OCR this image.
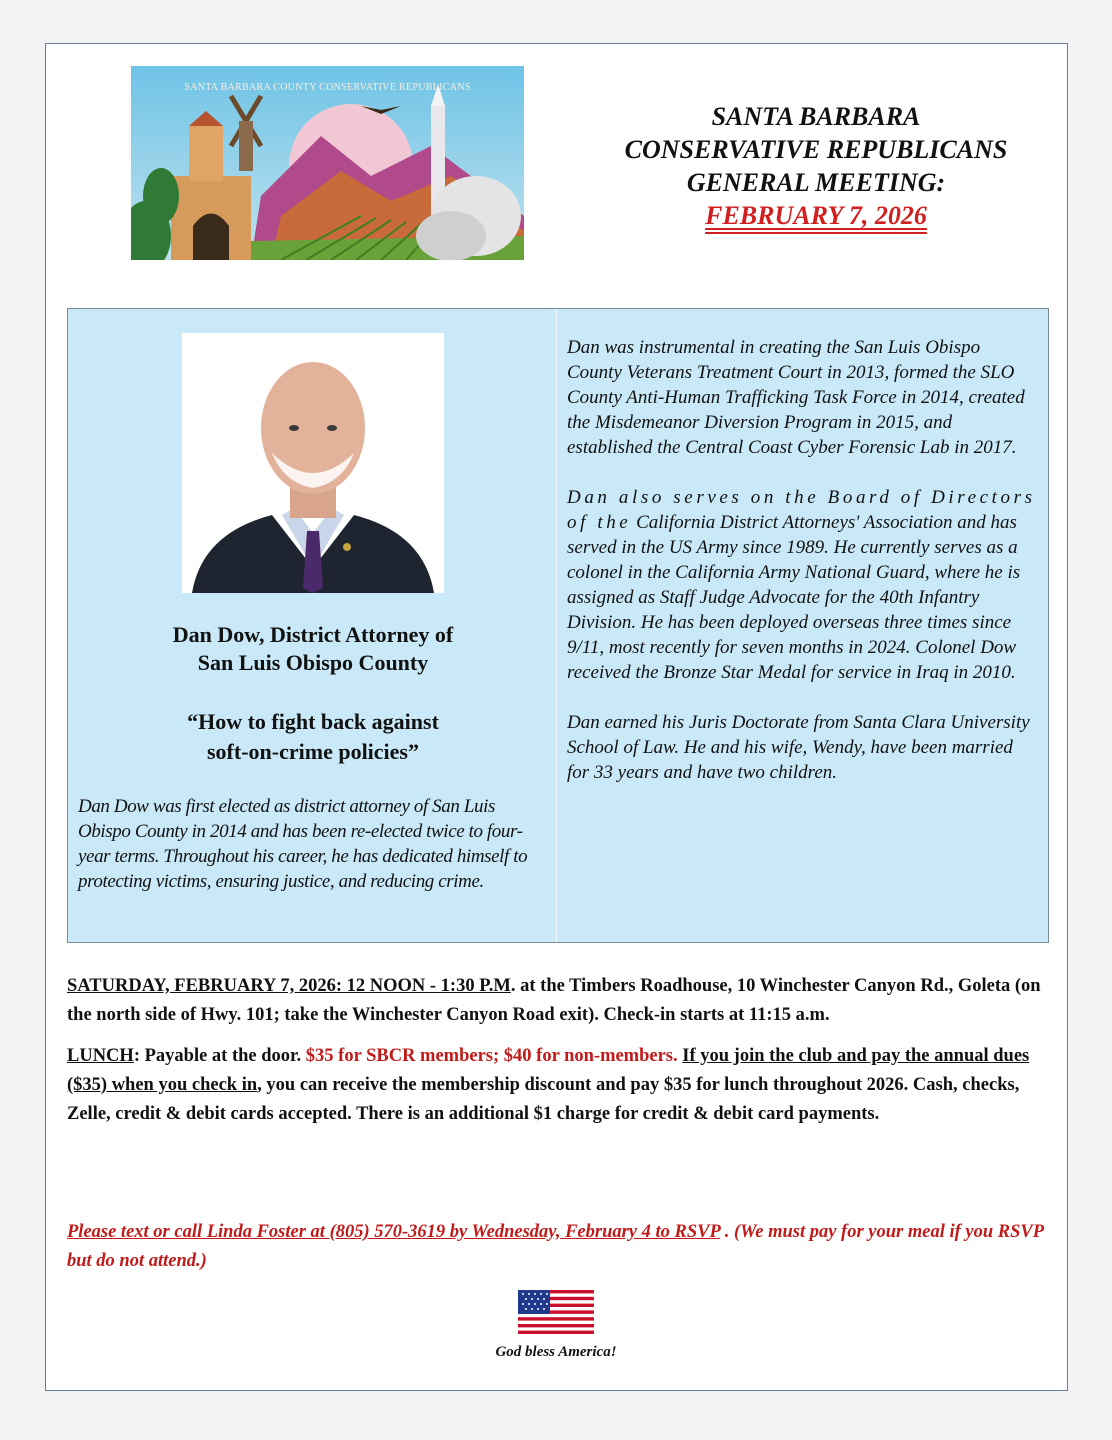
SANTA BARBARA COUNTY CONSERVATIVE REPUBLICANS
SANTA BARBARA
CONSERVATIVE REPUBLICANS
GENERAL MEETING:
FEBRUARY 7, 2026
Dan Dow, District Attorney of
San Luis Obispo County
“How to fight back against
soft-on-crime policies”
Dan Dow was first elected as district attorney of San Luis Obispo County in 2014 and has been re-elected twice to four-year terms. Throughout his career, he has dedicated himself to protecting victims, ensuring justice, and reducing crime.

Dan was instrumental in creating the San Luis Obispo County Veterans Treatment Court in 2013, formed the SLO County Anti-Human Trafficking Task Force in 2014, created the Misdemeanor Diversion Program in 2015, and established the Central Coast Cyber Forensic Lab in 2017.

Dan also serves on the Board of Directors of the California District Attorneys' Association and has served in the US Army since 1989. He currently serves as a colonel in the California Army National Guard, where he is assigned as Staff Judge Advocate for the 40th Infantry Division. He has been deployed overseas three times since 9/11, most recently for seven months in 2024. Colonel Dow received the Bronze Star Medal for service in Iraq in 2010.

Dan earned his Juris Doctorate from Santa Clara University School of Law. He and his wife, Wendy, have been married for 33 years and have two children.

SATURDAY, FEBRUARY 7, 2026: 12 NOON - 1:30 P.M. at the Timbers Roadhouse, 10 Winchester Canyon Rd., Goleta (on the north side of Hwy. 101; take the Winchester Canyon Road exit). Check-in starts at 11:15 a.m.

LUNCH: Payable at the door. $35 for SBCR members; $40 for non-members. If you join the club and pay the annual dues ($35) when you check in, you can receive the membership discount and pay $35 for lunch throughout 2026. Cash, checks, Zelle, credit & debit cards accepted. There is an additional $1 charge for credit & debit card payments.

Please text or call Linda Foster at (805) 570-3619 by Wednesday, February 4 to RSVP . (We must pay for your meal if you RSVP but do not attend.)
God bless America!
